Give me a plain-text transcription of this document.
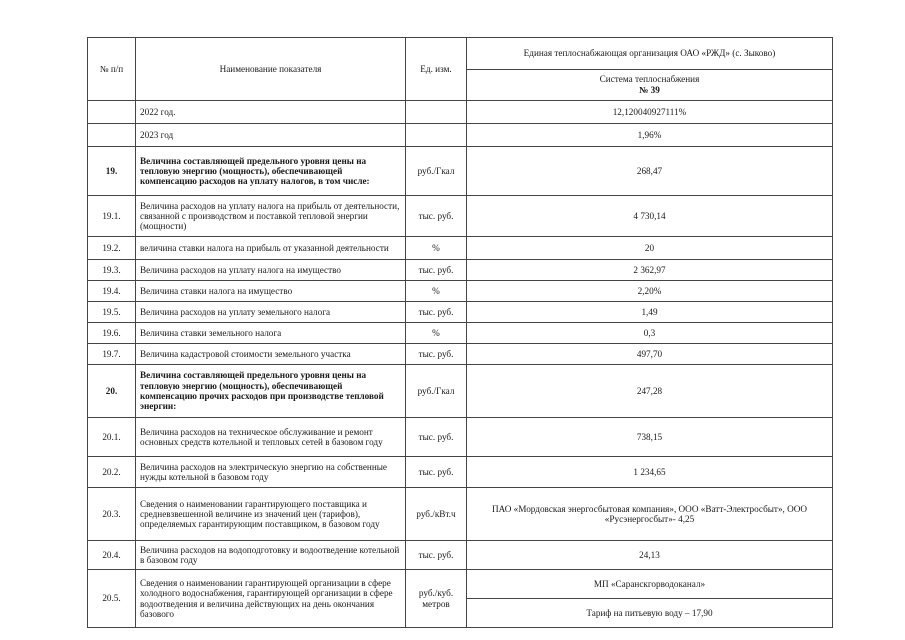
№ п/п	Наименование показателя	Ед. изм.	Единая теплоснабжающая организация ОАО «РЖД» (с. Зыково)
			Система теплоснабжения
№ 39

	2022 год.		12,120040927111%
	2023 год		1,96%
19.	Величина составляющей предельного уровня цены на тепловую энергию (мощность), обеспечивающей компенсацию расходов на уплату налогов, в том числе:	руб./Гкал	268,47
19.1.	Величина расходов на уплату налога на прибыль от деятельности, связанной с производством и поставкой тепловой энергии (мощности)	тыс. руб.	4 730,14
19.2.	величина ставки налога на прибыль от указанной деятельности	%	20
19.3.	Величина расходов на уплату налога на имущество	тыс. руб.	2 362,97
19.4.	Величина ставки налога на имущество	%	2,20%
19.5.	Величина расходов на уплату земельного налога	тыс. руб.	1,49
19.6.	Величина ставки земельного налога	%	0,3
19.7.	Величина кадастровой стоимости земельного участка	тыс. руб.	497,70
20.	Величина составляющей предельного уровня цены на тепловую энергию (мощность), обеспечивающей компенсацию прочих расходов при производстве тепловой энергии:	руб./Гкал	247,28
20.1.	Величина расходов на техническое обслуживание и ремонт основных средств котельной и тепловых сетей в базовом году	тыс. руб.	738,15
20.2.	Величина расходов на электрическую энергию на собственные нужды котельной в базовом году	тыс. руб.	1 234,65
20.3.	Сведения о наименовании гарантирующего поставщика и средневзвешенной величине из значений цен (тарифов), определяемых гарантирующим поставщиком, в базовом году	руб./кВт.ч	ПАО «Мордовская энергосбытовая компания», ООО «Ватт-Электросбыт», ООО «Русэнергосбыт»- 4,25
20.4.	Величина расходов на водоподготовку и водоотведение котельной в базовом году	тыс. руб.	24,13
20.5.	Сведения о наименовании гарантирующей организации в сфере холодного водоснабжения, гарантирующей организации в сфере водоотведения и величина действующих на день окончания базового	руб./куб. метров	МП «Саранскгорводоканал»
			Тариф на питьевую воду – 17,90
